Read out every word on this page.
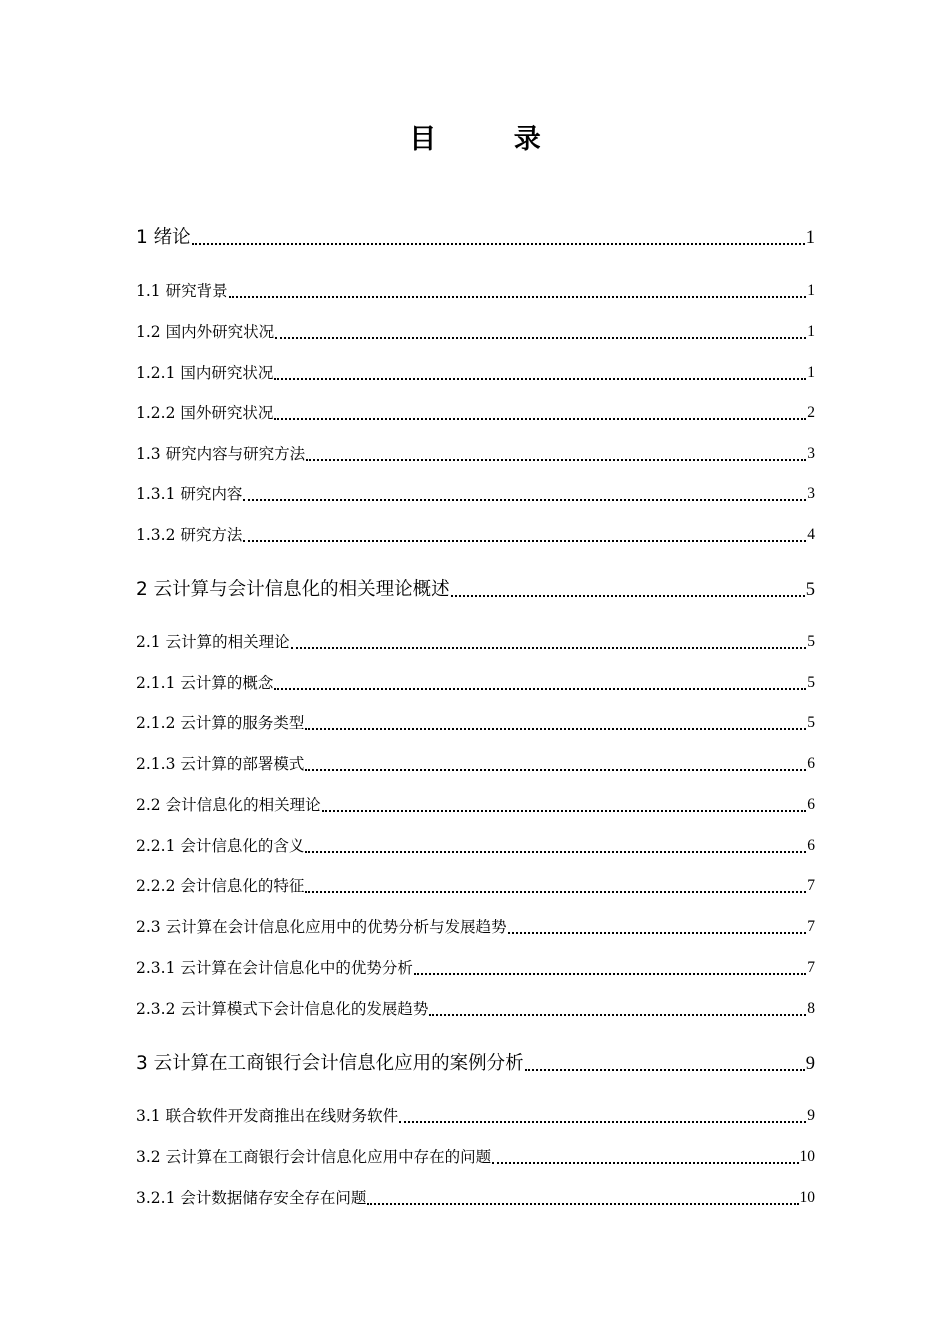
目 录
1 绪论	1
1.1 研究背景	1
1.2 国内外研究状况	1
1.2.1 国内研究状况	1
1.2.2 国外研究状况	2
1.3 研究内容与研究方法	3
1.3.1 研究内容	3
1.3.2 研究方法	4
2 云计算与会计信息化的相关理论概述	5
2.1 云计算的相关理论	5
2.1.1 云计算的概念	5
2.1.2 云计算的服务类型	5
2.1.3 云计算的部署模式	6
2.2 会计信息化的相关理论	6
2.2.1 会计信息化的含义	6
2.2.2 会计信息化的特征	7
2.3 云计算在会计信息化应用中的优势分析与发展趋势	7
2.3.1 云计算在会计信息化中的优势分析	7
2.3.2 云计算模式下会计信息化的发展趋势	8
3 云计算在工商银行会计信息化应用的案例分析	9
3.1 联合软件开发商推出在线财务软件	9
3.2 云计算在工商银行会计信息化应用中存在的问题	10
3.2.1 会计数据储存安全存在问题	10
